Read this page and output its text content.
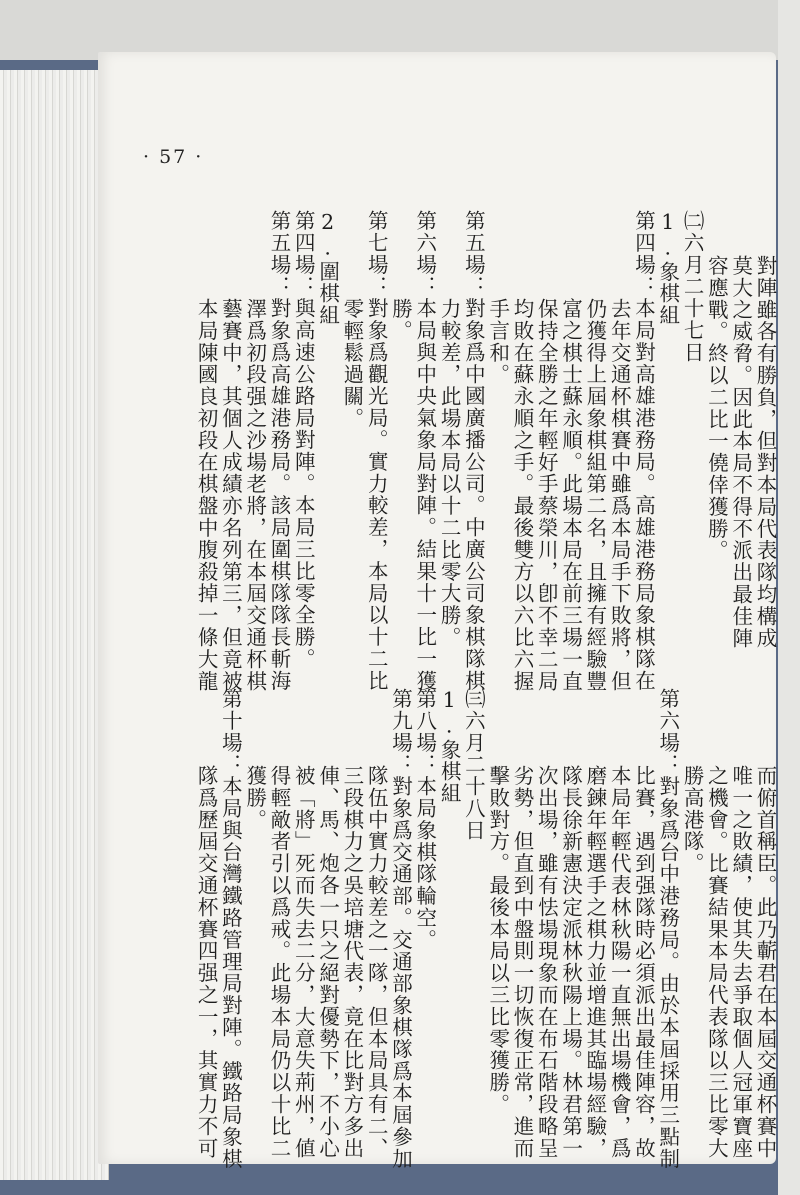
· 57 ·
對陣雖各有勝負，但對本局代表隊均構成
莫大之威脅。因此本局不得不派出最佳陣
容應戰。終以二比一僥倖獲勝。
㈡六月二十七日
1.象棋組
第四場：本局對高雄港務局。高雄港務局象棋隊在
去年交通杯棋賽中雖爲本局手下敗將，但
仍獲得上屆象棋組第二名，且擁有經驗豐
富之棋士蘇永順。此場本局在前三場一直
保持全勝之年輕好手蔡榮川，卽不幸二局
均敗在蘇永順之手。最後雙方以六比六握
手言和。
第五場：對象爲中國廣播公司。中廣公司象棋隊棋
力較差，此場本局以十二比零大勝。
第六場：本局與中央氣象局對陣。結果十一比一獲
勝。
第七場：對象爲觀光局。實力較差，本局以十二比
零輕鬆過關。
2.圍棋組
第四場：與高速公路局對陣。本局三比零全勝。
第五場：對象爲高雄港務局。該局圍棋隊隊長斬海
澤爲初段强之沙場老將，在本屆交通杯棋
藝賽中，其個人成績亦名列第三，但竟被
本局陳國良初段在棋盤中腹殺掉一條大龍
而俯首稱臣。此乃蘄君在本屆交通杯賽中
唯一之敗績，使其失去爭取個人冠軍寶座
之機會。比賽結果本局代表隊以三比零大
勝高港隊。
第六場：對象爲台中港務局。由於本屆採用三點制
比賽，遇到强隊時必須派出最佳陣容，故
本局年輕代表林秋陽一直無出場機會，爲
磨鍊年輕選手之棋力並增進其臨場經驗，
隊長徐新憲決定派林秋陽上場。林君第一
次出場，雖有怯場現象而在布石階段略呈
劣勢，但直到中盤則一切恢復正常，進而
擊敗對方。最後本局以三比零獲勝。
㈢六月二十八日
1.象棋組
第八場：本局象棋隊輪空。
第九場：對象爲交通部。交通部象棋隊爲本屆參加
隊伍中實力較差之一隊，但本局具有二、
三段棋力之吳培塘代表，竟在比對方多出
俥、馬、炮各一只之絕對優勢下，不小心
被「將」死而失去二分，大意失荊州，値
得輕敵者引以爲戒。此場本局仍以十比二
獲勝。
第十場：本局與台灣鐵路管理局對陣。鐵路局象棋
隊爲歷屆交通杯賽四强之一，其實力不可
